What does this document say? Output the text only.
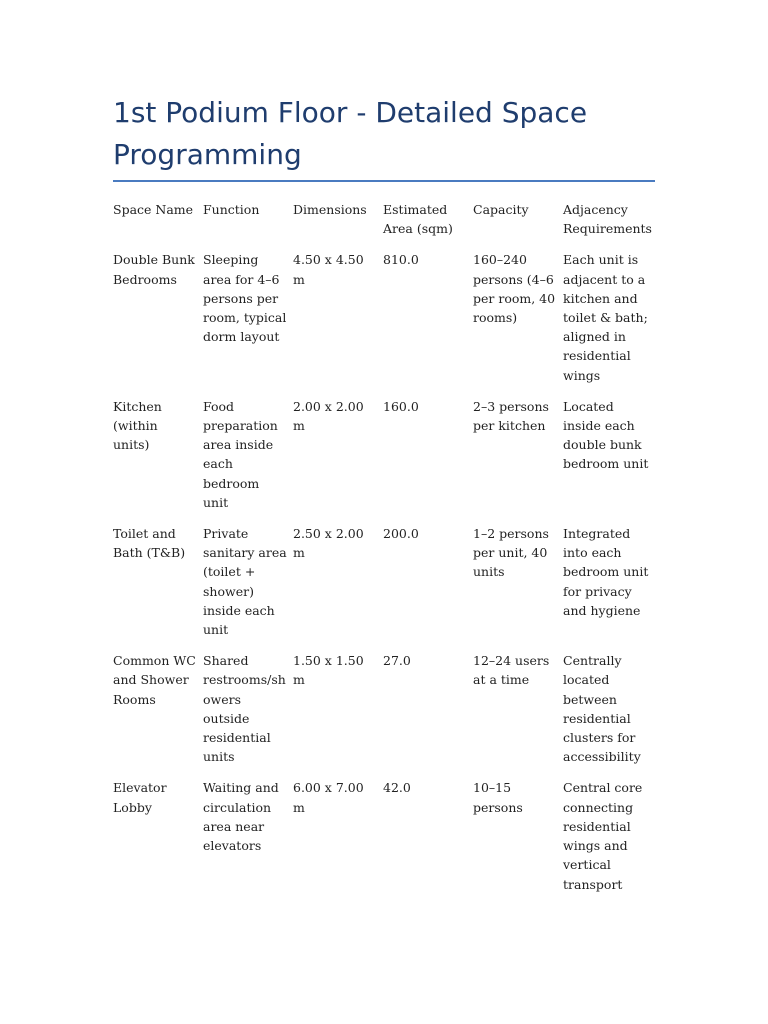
1st Podium Floor - Detailed Space Programming
Space Name	Function	Dimensions	Estimated Area (sqm)	Capacity	Adjacency Requirements

Double Bunk Bedrooms	Sleeping area for 4–6 persons per room, typical dorm layout	4.50 x 4.50 m	810.0	160–240 persons (4–6 per room, 40 rooms)	Each unit is adjacent to a kitchen and toilet & bath; aligned in residential wings

Kitchen (within units)	Food preparation area inside each bedroom unit	2.00 x 2.00 m	160.0	2–3 persons per kitchen	Located inside each double bunk bedroom unit

Toilet and Bath (T&B)	Private sanitary area (toilet + shower) inside each unit	2.50 x 2.00 m	200.0	1–2 persons per unit, 40 units	Integrated into each bedroom unit for privacy and hygiene

Common WC and Shower Rooms	Shared restrooms/showers outside residential units	1.50 x 1.50 m	27.0	12–24 users at a time	Centrally located between residential clusters for accessibility

Elevator Lobby	Waiting and circulation area near elevators	6.00 x 7.00 m	42.0	10–15 persons	Central core connecting residential wings and vertical transport
